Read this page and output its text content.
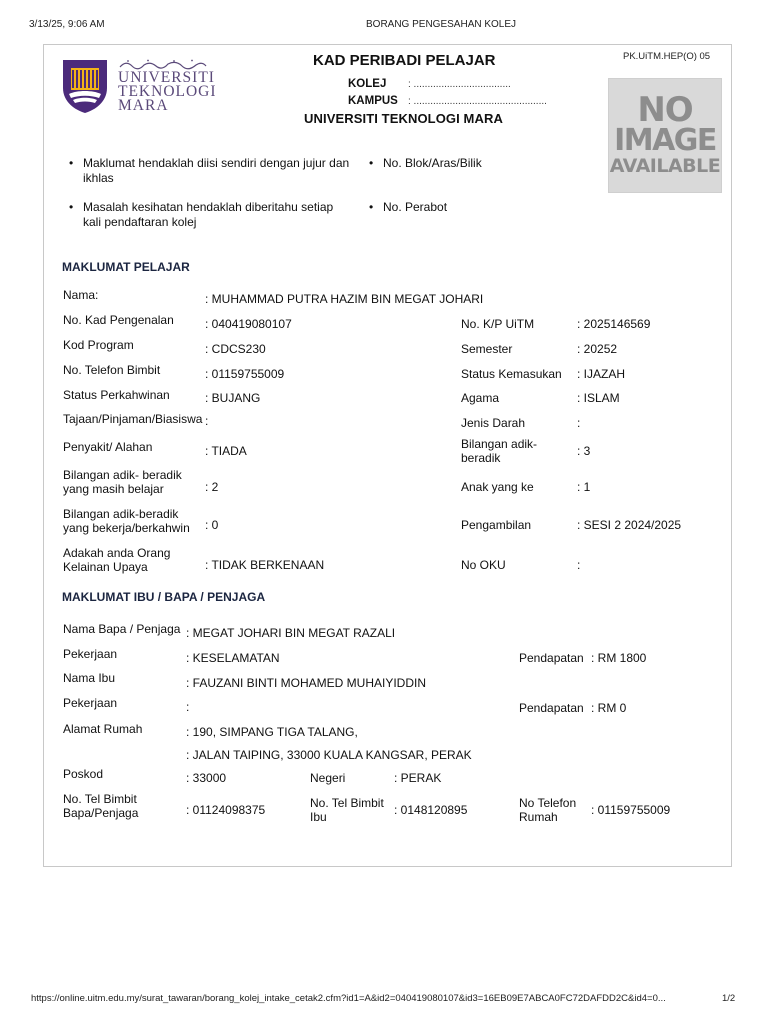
3/13/25, 9:06 AM	BORANG PENGESAHAN KOLEJ
UNIVERSITI
TEKNOLOGI
MARA
KAD PERIBADI PELAJAR
KOLEJ : ...................................
KAMPUS : ................................................
UNIVERSITI TEKNOLOGI MARA
PK.UiTM.HEP(O) 05
NO
IMAGE
AVAILABLE
• Maklumat hendaklah diisi sendiri dengan jujur dan ikhlas
• Masalah kesihatan hendaklah diberitahu setiap kali pendaftaran kolej
• No. Blok/Aras/Bilik
• No. Perabot
MAKLUMAT PELAJAR
Nama:	: MUHAMMAD PUTRA HAZIM BIN MEGAT JOHARI
No. Kad Pengenalan	: 040419080107	No. K/P UiTM	: 2025146569
Kod Program	: CDCS230	Semester	: 20252
No. Telefon Bimbit	: 01159755009	Status Kemasukan : IJAZAH
Status Perkahwinan	: BUJANG	Agama	: ISLAM
Tajaan/Pinjaman/Biasiswa :	Jenis Darah	:
Penyakit/ Alahan	: TIADA	Bilangan adik-beradik	: 3
Bilangan adik- beradik yang masih belajar	: 2	Anak yang ke	: 1
Bilangan adik-beradik yang bekerja/berkahwin	: 0	Pengambilan	: SESI 2 2024/2025
Adakah anda Orang Kelainan Upaya	: TIDAK BERKENAAN	No OKU	:
MAKLUMAT IBU / BAPA / PENJAGA
Nama Bapa / Penjaga : MEGAT JOHARI BIN MEGAT RAZALI
Pekerjaan	: KESELAMATAN	Pendapatan : RM 1800
Nama Ibu	: FAUZANI BINTI MOHAMED MUHAIYIDDIN
Pekerjaan	:	Pendapatan : RM 0
Alamat Rumah	: 190, SIMPANG TIGA TALANG,
: JALAN TAIPING, 33000 KUALA KANGSAR, PERAK
Poskod	: 33000	Negeri	: PERAK
No. Tel Bimbit Bapa/Penjaga	: 01124098375	No. Tel Bimbit Ibu	: 0148120895	No Telefon Rumah	: 01159755009
https://online.uitm.edu.my/surat_tawaran/borang_kolej_intake_cetak2.cfm?id1=A&id2=040419080107&id3=16EB09E7ABCA0FC72DAFDD2C&id4=0...	1/2
